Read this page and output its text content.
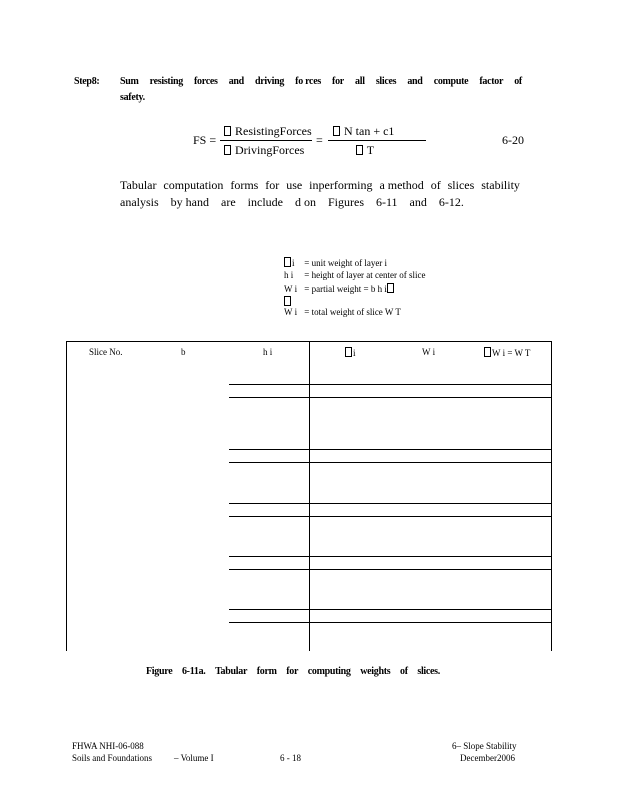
Step8: Sum resisting forces and driving fo rces for all slices and compute factor of
safety.
FS =
ResistingForces
DrivingForces
=
N tan + c1
T
6-20
Tabular computation forms for use inperforming a method of slices stability
analysis by hand are include d on Figures 6-11 and 6-12.
i = unit weight of layer i
h i = height of layer at center of slice
W i = partial weight = b h i
W i = total weight of slice W T
Slice No.	b	h i	i	W i	W i = W T
Figure 6-11a. Tabular form for computing weights of slices.
FHWA NHI-06-088
Soils and Foundations – Volume I	6 - 18
6– Slope Stability
December2006
